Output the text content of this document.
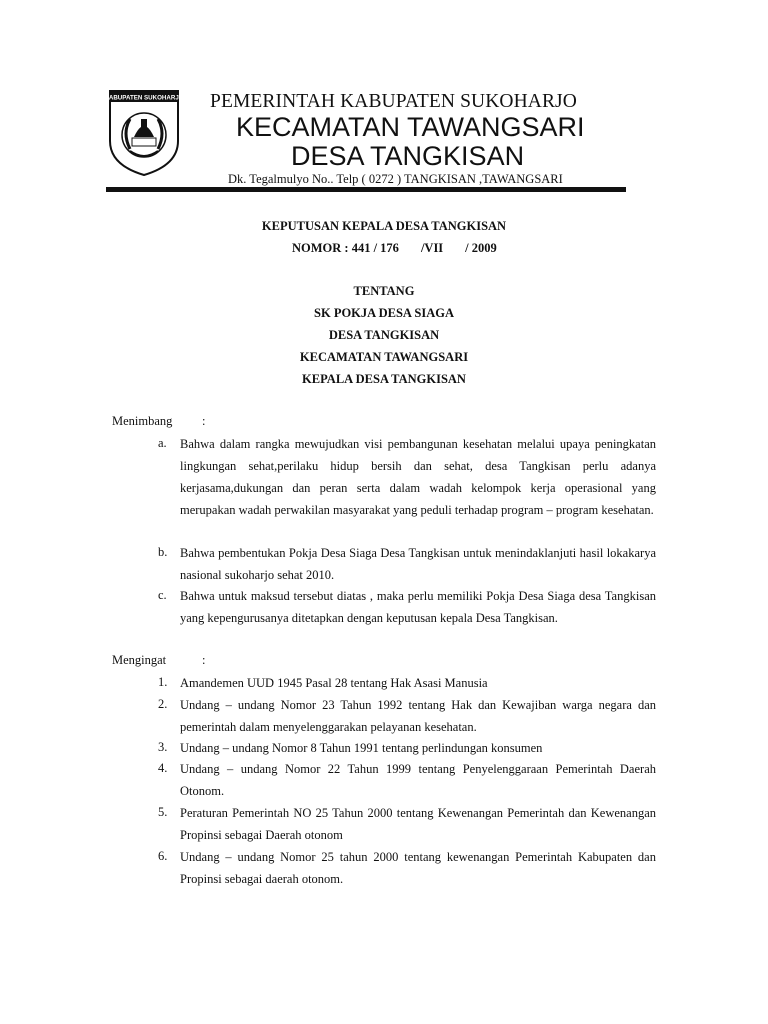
KABUPATEN SUKOHARJO PEMERINTAH KABUPATEN SUKOHARJO
KECAMATAN TAWANGSARI
DESA TANGKISAN
Dk. Tegalmulyo No.. Telp ( 0272 ) TANGKISAN ,TAWANGSARI
KEPUTUSAN KEPALA DESA TANGKISAN
NOMOR : 441 / 176 /VII / 2009
TENTANG
SK POKJA DESA SIAGA
DESA TANGKISAN
KECAMATAN TAWANGSARI
KEPALA DESA TANGKISAN
Menimbang :
a. Bahwa dalam rangka mewujudkan visi pembangunan kesehatan melalui upaya peningkatan lingkungan sehat,perilaku hidup bersih dan sehat, desa Tangkisan perlu adanya kerjasama,dukungan dan peran serta dalam wadah kelompok kerja operasional yang merupakan wadah perwakilan masyarakat yang peduli terhadap program – program kesehatan.
b. Bahwa pembentukan Pokja Desa Siaga Desa Tangkisan untuk menindaklanjuti hasil lokakarya nasional sukoharjo sehat 2010.
c. Bahwa untuk maksud tersebut diatas , maka perlu memiliki Pokja Desa Siaga desa Tangkisan yang kepengurusanya ditetapkan dengan keputusan kepala Desa Tangkisan.
Mengingat	:
1. Amandemen UUD 1945 Pasal 28 tentang Hak Asasi Manusia
2. Undang – undang Nomor 23 Tahun 1992 tentang Hak dan Kewajiban warga negara dan pemerintah dalam menyelenggarakan pelayanan kesehatan.
3. Undang – undang Nomor 8 Tahun 1991 tentang perlindungan konsumen
4. Undang – undang Nomor 22 Tahun 1999 tentang Penyelenggaraan Pemerintah Daerah Otonom.
5. Peraturan Pemerintah NO 25 Tahun 2000 tentang Kewenangan Pemerintah dan Kewenangan Propinsi sebagai Daerah otonom
6. Undang – undang Nomor 25 tahun 2000 tentang kewenangan Pemerintah Kabupaten dan Propinsi sebagai daerah otonom.
